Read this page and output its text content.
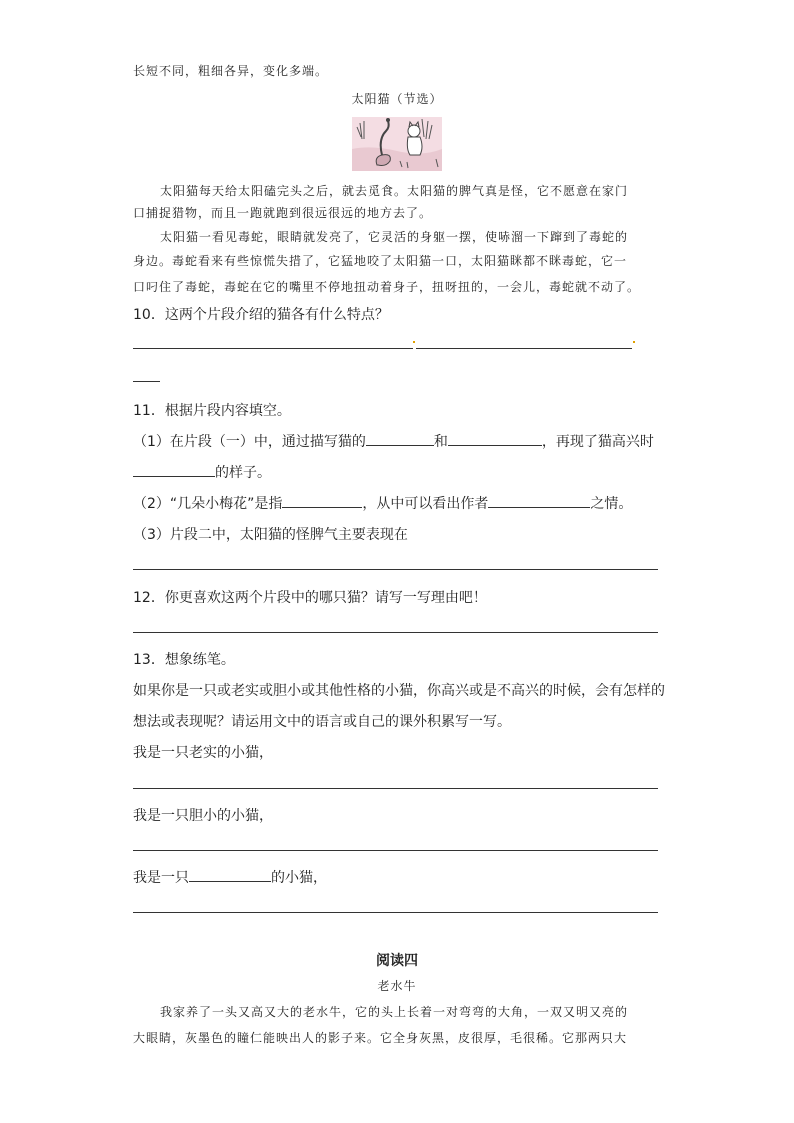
长短不同，粗细各异，变化多端。
太阳猫（节选）
太阳猫每天给太阳磕完头之后，就去觅食。太阳猫的脾气真是怪，它不愿意在家门
口捕捉猎物，而且一跑就跑到很远很远的地方去了。
太阳猫一看见毒蛇，眼睛就发亮了，它灵活的身躯一摆，使哧溜一下蹿到了毒蛇的
身边。毒蛇看来有些惊慌失措了，它猛地咬了太阳猫一口，太阳猫眯都不眯毒蛇，它一
口叼住了毒蛇，毒蛇在它的嘴里不停地扭动着身子，扭呀扭的，一会儿，毒蛇就不动了。
10．这两个片段介绍的猫各有什么特点？
11．根据片段内容填空。
（1）在片段（一）中，通过描写猫的	和	，再现了猫高兴时
的样子。
（2）“几朵小梅花”是指	，从中可以看出作者	之情。
（3）片段二中，太阳猫的怪脾气主要表现在
12．你更喜欢这两个片段中的哪只猫？请写一写理由吧！
13．想象练笔。
如果你是一只或老实或胆小或其他性格的小猫，你高兴或是不高兴的时候，会有怎样的
想法或表现呢？请运用文中的语言或自己的课外积累写一写。
我是一只老实的小猫，
我是一只胆小的小猫，
我是一只	的小猫，
阅读四
老水牛
我家养了一头又高又大的老水牛，它的头上长着一对弯弯的大角，一双又明又亮的
大眼睛，灰墨色的瞳仁能映出人的影子来。它全身灰黑，皮很厚，毛很稀。它那两只大
